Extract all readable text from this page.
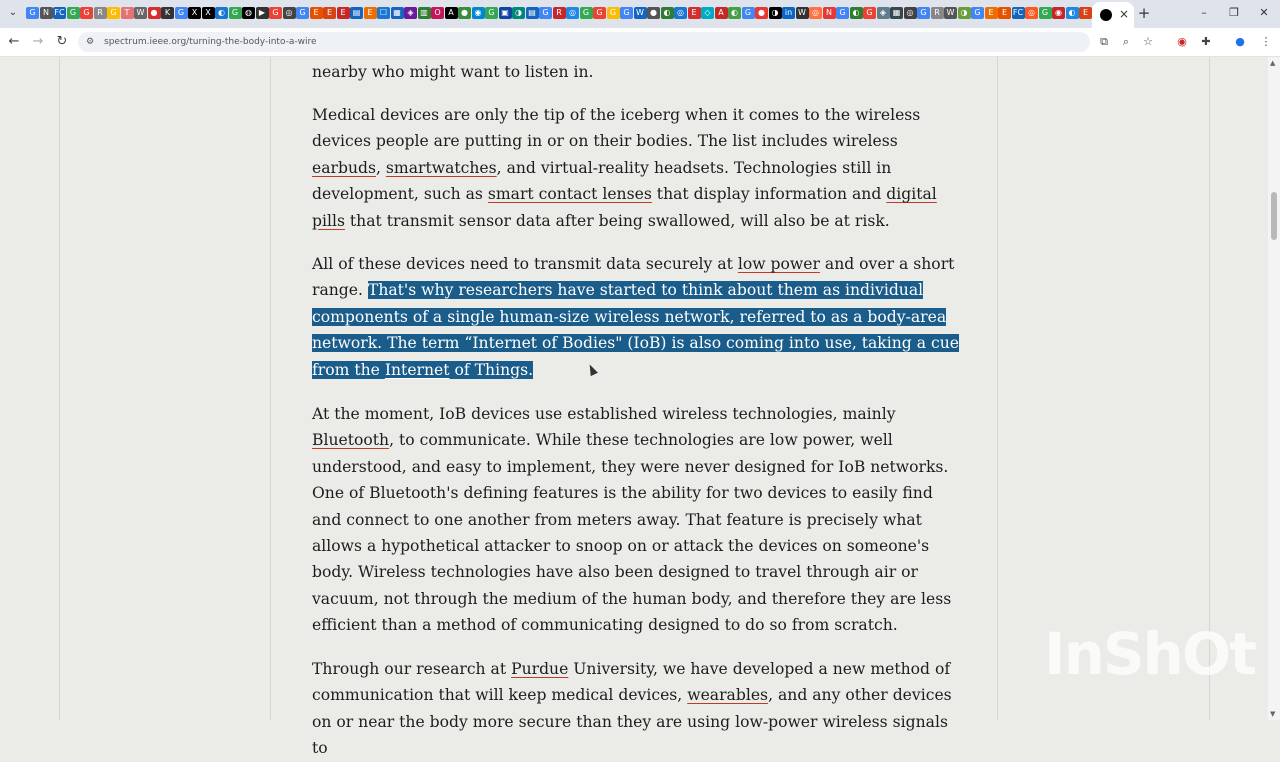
⌄	G N FC G G R G T W ● K G X	X ◐ G ◍ ▶ G ◎ G E	E	E ▤ E ☐ ▦ ◈ ▥ O A ● ◉ G ▣ ◑ ▤ G R ◎ G G G G W ● ◐ ◎ E ◇ A ◐ G ● ◑ in W ◎ N G ◐ G ◈ ▦ ◎ G R W ◑ G E	E FC ◎ G ◉ ◐ E	× +	–	❐	✕
← → ↻ ⚙ spectrum.ieee.org/turning-the-body-into-a-wire	⧉	⌕	☆ ◉	✚	● ⋮

nearby who might want to listen in.

Medical devices are only the tip of the iceberg when it comes to the wireless devices people are putting in or on their bodies. The list includes wireless earbuds, smartwatches, and virtual-reality headsets. Technologies still in development, such as smart contact lenses that display information and digital pills that transmit sensor data after being swallowed, will also be at risk.

All of these devices need to transmit data securely at low power and over a short range. That's why researchers have started to think about them as individual components of a single human-size wireless network, referred to as a body-area network. The term “Internet of Bodies" (IoB) is also coming into use, taking a cue from the Internet of Things.

At the moment, IoB devices use established wireless technologies, mainly Bluetooth, to communicate. While these technologies are low power, well understood, and easy to implement, they were never designed for IoB networks. One of Bluetooth's defining features is the ability for two devices to easily find and connect to one another from meters away. That feature is precisely what allows a hypothetical attacker to snoop on or attack the devices on someone's body. Wireless technologies have also been designed to travel through air or vacuum, not through the medium of the human body, and therefore they are less efficient than a method of communicating designed to do so from scratch.

Through our research at Purdue University, we have developed a new method of communication that will keep medical devices, wearables, and any other devices on or near the body more secure than they are using low-power wireless signals to

▲
▼
InShOt
